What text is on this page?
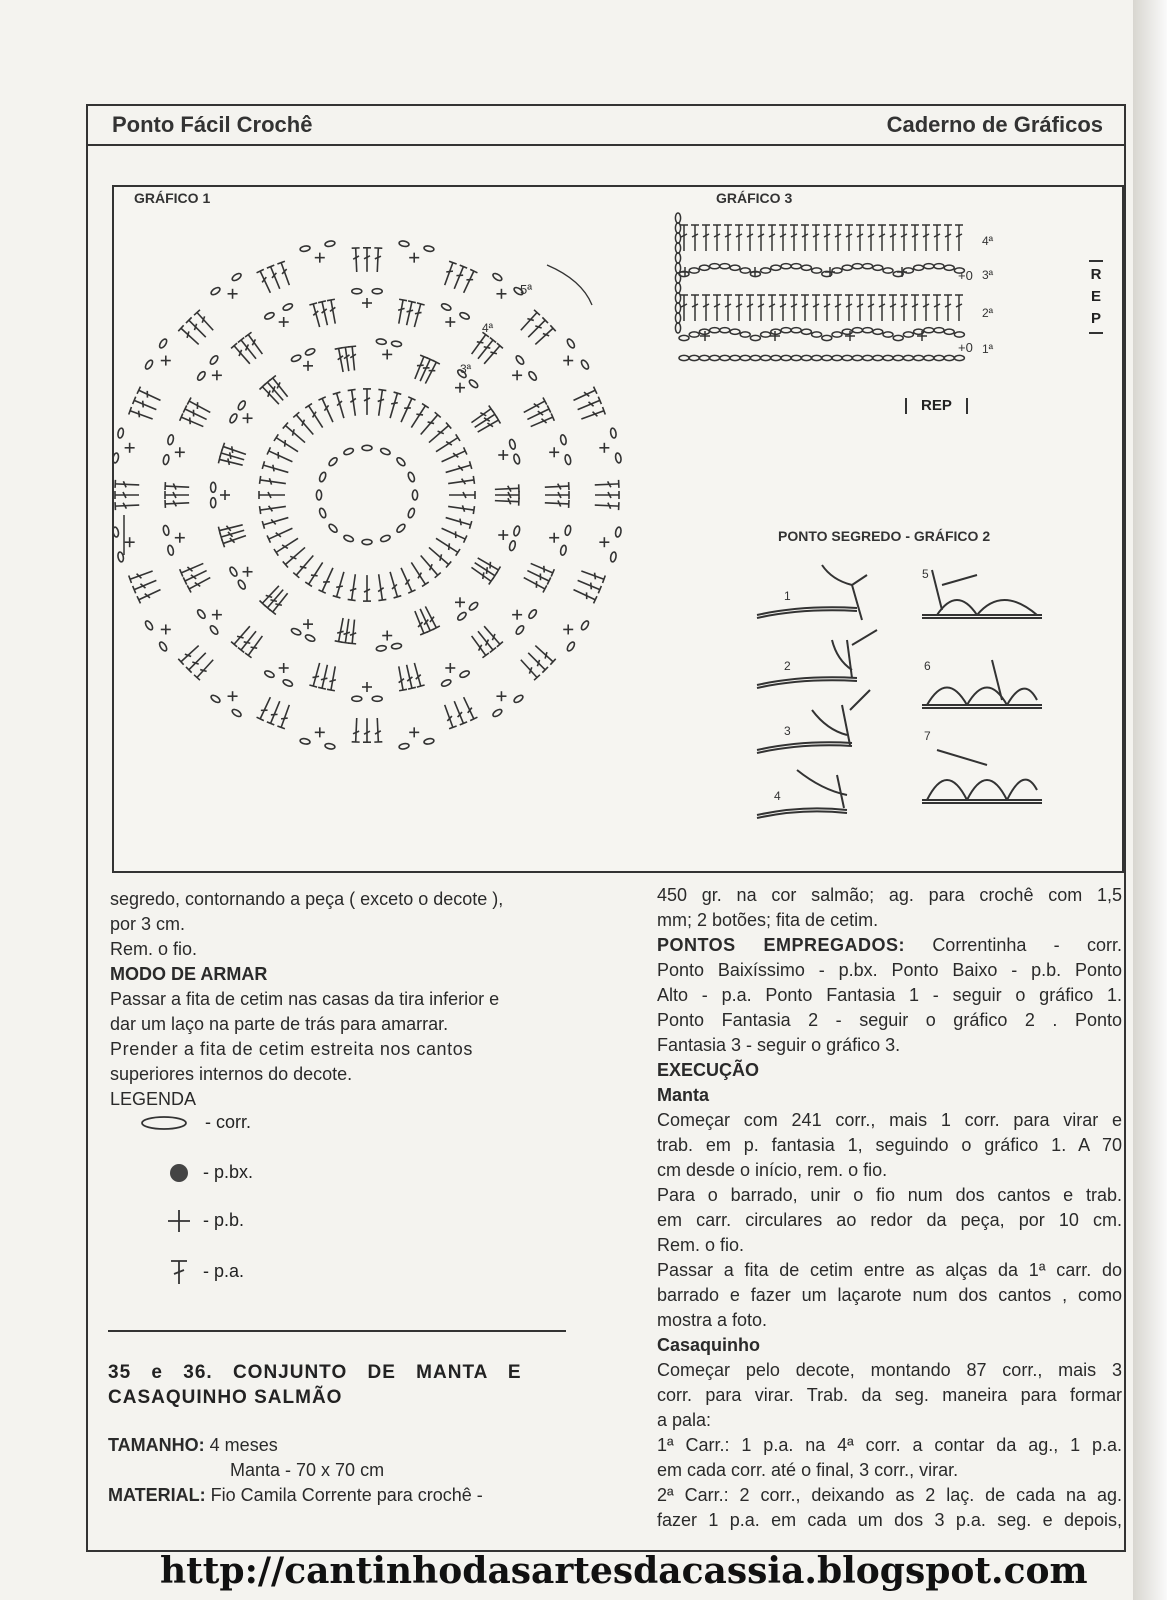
Ponto Fácil Crochê	Caderno de Gráficos
GRÁFICO 1
5ª
4ª
3ª
GRÁFICO 3
4ª
3ª
2ª
1ª
+0
+0
R
E
P
REP
PONTO SEGREDO - GRÁFICO 2
1
2
3
4
5
6
7

segredo, contornando a peça ( exceto o decote ),

por 3 cm.

Rem. o fio.

MODO DE ARMAR

Passar a fita de cetim nas casas da tira inferior e

dar um laço na parte de trás para amarrar.

Prender a fita de cetim estreita nos cantos

superiores internos do decote.

LEGENDA

- corr.
- p.bx.
- p.b.
- p.a.
35 e 36. CONJUNTO DE MANTA E
CASAQUINHO SALMÃO

TAMANHO: 4 meses

Manta - 70 x 70 cm

MATERIAL: Fio Camila Corrente para crochê -

450 gr. na cor salmão; ag. para crochê com 1,5

mm; 2 botões; fita de cetim.

PONTOS EMPREGADOS: Correntinha - corr.

Ponto Baixíssimo - p.bx. Ponto Baixo - p.b. Ponto

Alto - p.a. Ponto Fantasia 1 - seguir o gráfico 1.

Ponto Fantasia 2 - seguir o gráfico 2 . Ponto

Fantasia 3 - seguir o gráfico 3.

EXECUÇÃO

Manta

Começar com 241 corr., mais 1 corr. para virar e

trab. em p. fantasia 1, seguindo o gráfico 1. A 70

cm desde o início, rem. o fio.

Para o barrado, unir o fio num dos cantos e trab.

em carr. circulares ao redor da peça, por 10 cm.

Rem. o fio.

Passar a fita de cetim entre as alças da 1ª carr. do

barrado e fazer um laçarote num dos cantos , como

mostra a foto.

Casaquinho

Começar pelo decote, montando 87 corr., mais 3

corr. para virar. Trab. da seg. maneira para formar

a pala:

1ª Carr.: 1 p.a. na 4ª corr. a contar da ag., 1 p.a.

em cada corr. até o final, 3 corr., virar.

2ª Carr.: 2 corr., deixando as 2 laç. de cada na ag.

fazer 1 p.a. em cada um dos 3 p.a. seg. e depois,

http://cantinhodasartesdacassia.blogspot.com
